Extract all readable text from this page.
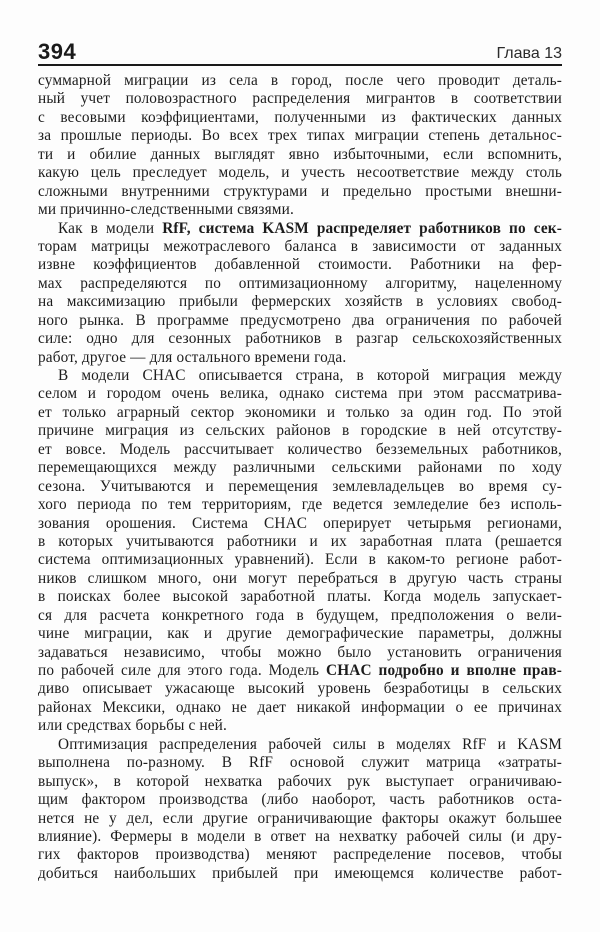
394	Глава 13
суммарной миграции из села в город, после чего проводит деталь-
ный учет половозрастного распределения мигрантов в соответствии
с весовыми коэффициентами, полученными из фактических данных
за прошлые периоды. Во всех трех типах миграции степень детальнос-
ти и обилие данных выглядят явно избыточными, если вспомнить,
какую цель преследует модель, и учесть несоответствие между столь
сложными внутренними структурами и предельно простыми внешни-
ми причинно-следственными связями.
Как в модели RfF, система KASM распределяет работников по сек-
торам матрицы межотраслевого баланса в зависимости от заданных
извне коэффициентов добавленной стоимости. Работники на фер-
мах распределяются по оптимизационному алгоритму, нацеленному
на максимизацию прибыли фермерских хозяйств в условиях свобод-
ного рынка. В программе предусмотрено два ограничения по рабочей
силе: одно для сезонных работников в разгар сельскохозяйственных
работ, другое — для остального времени года.
В модели CHAC описывается страна, в которой миграция между
селом и городом очень велика, однако система при этом рассматрива-
ет только аграрный сектор экономики и только за один год. По этой
причине миграция из сельских районов в городские в ней отсутству-
ет вовсе. Модель рассчитывает количество безземельных работников,
перемещающихся между различными сельскими районами по ходу
сезона. Учитываются и перемещения землевладельцев во время су-
хого периода по тем территориям, где ведется земледелие без исполь-
зования орошения. Система CHAC оперирует четырьмя регионами,
в которых учитываются работники и их заработная плата (решается
система оптимизационных уравнений). Если в каком-то регионе работ-
ников слишком много, они могут перебраться в другую часть страны
в поисках более высокой заработной платы. Когда модель запускает-
ся для расчета конкретного года в будущем, предположения о вели-
чине миграции, как и другие демографические параметры, должны
задаваться независимо, чтобы можно было установить ограничения
по рабочей силе для этого года. Модель CHAC подробно и вполне прав-
диво описывает ужасающе высокий уровень безработицы в сельских
районах Мексики, однако не дает никакой информации о ее причинах
или средствах борьбы с ней.
Оптимизация распределения рабочей силы в моделях RfF и KASM
выполнена по-разному. В RfF основой служит матрица «затраты-
выпуск», в которой нехватка рабочих рук выступает ограничиваю-
щим фактором производства (либо наоборот, часть работников оста-
нется не у дел, если другие ограничивающие факторы окажут большее
влияние). Фермеры в модели в ответ на нехватку рабочей силы (и дру-
гих факторов производства) меняют распределение посевов, чтобы
добиться наибольших прибылей при имеющемся количестве работ-
